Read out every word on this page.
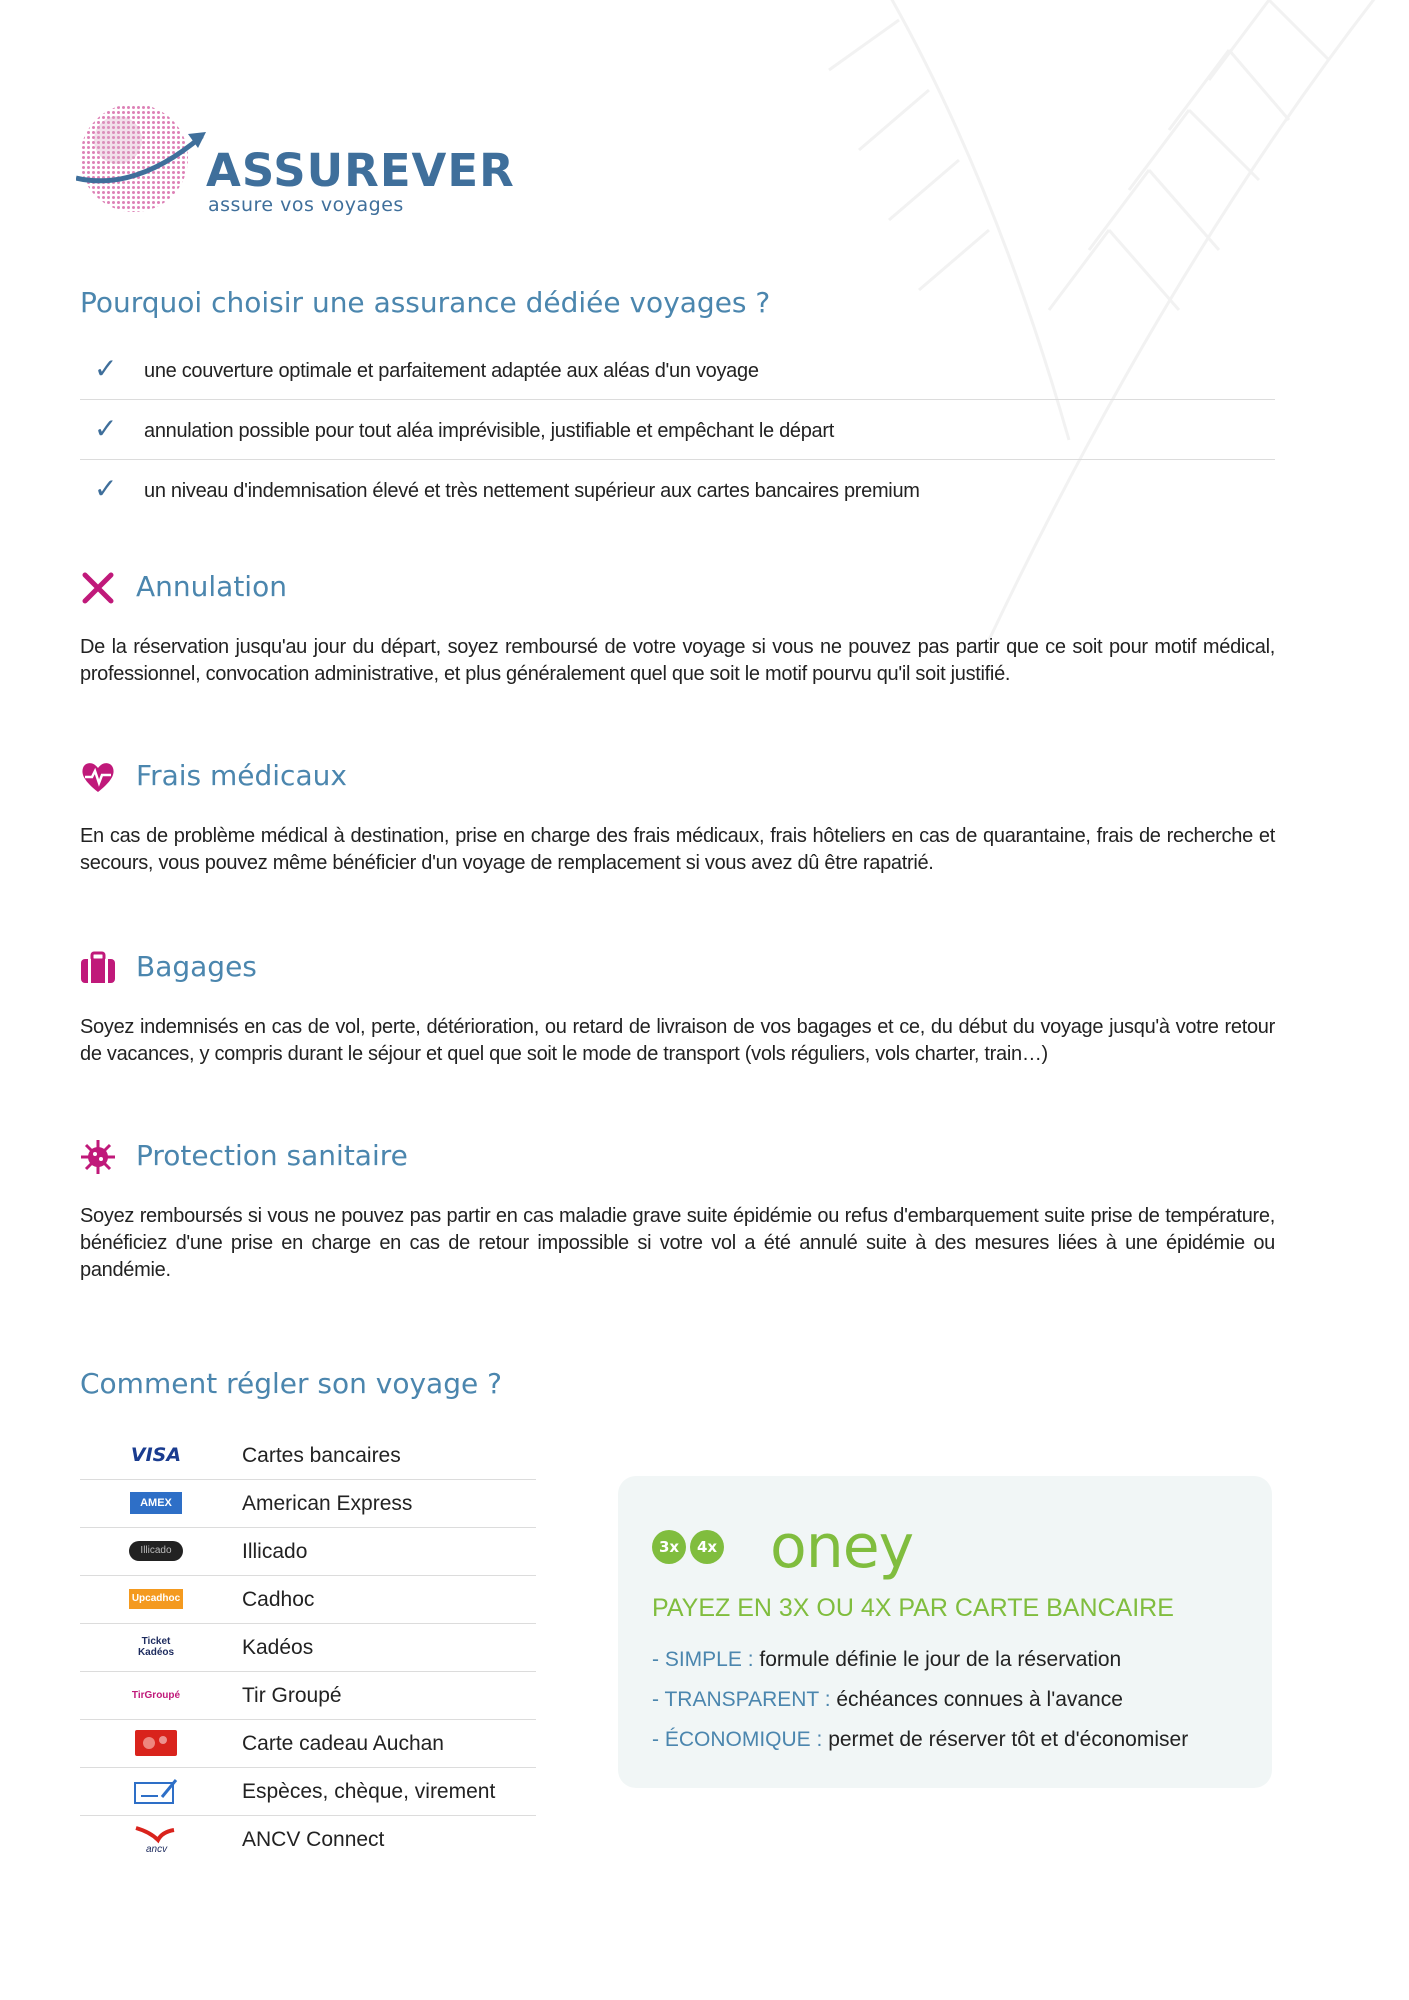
ASSUREVER
assure vos voyages
Pourquoi choisir une assurance dédiée voyages ?
✓ une couverture optimale et parfaitement adaptée aux aléas d'un voyage
✓ annulation possible pour tout aléa imprévisible, justifiable et empêchant le départ
✓ un niveau d'indemnisation élevé et très nettement supérieur aux cartes bancaires premium
Annulation
De la réservation jusqu'au jour du départ, soyez remboursé de votre voyage si vous ne pouvez pas partir que ce soit pour motif médical, professionnel, convocation administrative, et plus généralement quel que soit le motif pourvu qu'il soit justifié.
Frais médicaux
En cas de problème médical à destination, prise en charge des frais médicaux, frais hôteliers en cas de quarantaine, frais de recherche et secours, vous pouvez même bénéficier d'un voyage de remplacement si vous avez dû être rapatrié.
Bagages
Soyez indemnisés en cas de vol, perte, détérioration, ou retard de livraison de vos bagages et ce, du début du voyage jusqu'à votre retour de vacances, y compris durant le séjour et quel que soit le mode de transport (vols réguliers, vols charter, train…)
Protection sanitaire
Soyez remboursés si vous ne pouvez pas partir en cas maladie grave suite épidémie ou refus d'embarquement suite prise de température, bénéficiez d'une prise en charge en cas de retour impossible si votre vol a été annulé suite à des mesures liées à une épidémie ou pandémie.
Comment régler son voyage ?
VISA	Cartes bancaires
AMEX	American Express
Illicado	Illicado
Upcadhoc	Cadhoc
Ticket Kadéos	Kadéos
TirGroupé	Tir Groupé
Carte cadeau Auchan
Espèces, chèque, virement
ancv	ANCV Connect
3x	4x oney
PAYEZ EN 3X OU 4X PAR CARTE BANCAIRE
- SIMPLE : formule définie le jour de la réservation
- TRANSPARENT : échéances connues à l'avance
- ÉCONOMIQUE : permet de réserver tôt et d'économiser
